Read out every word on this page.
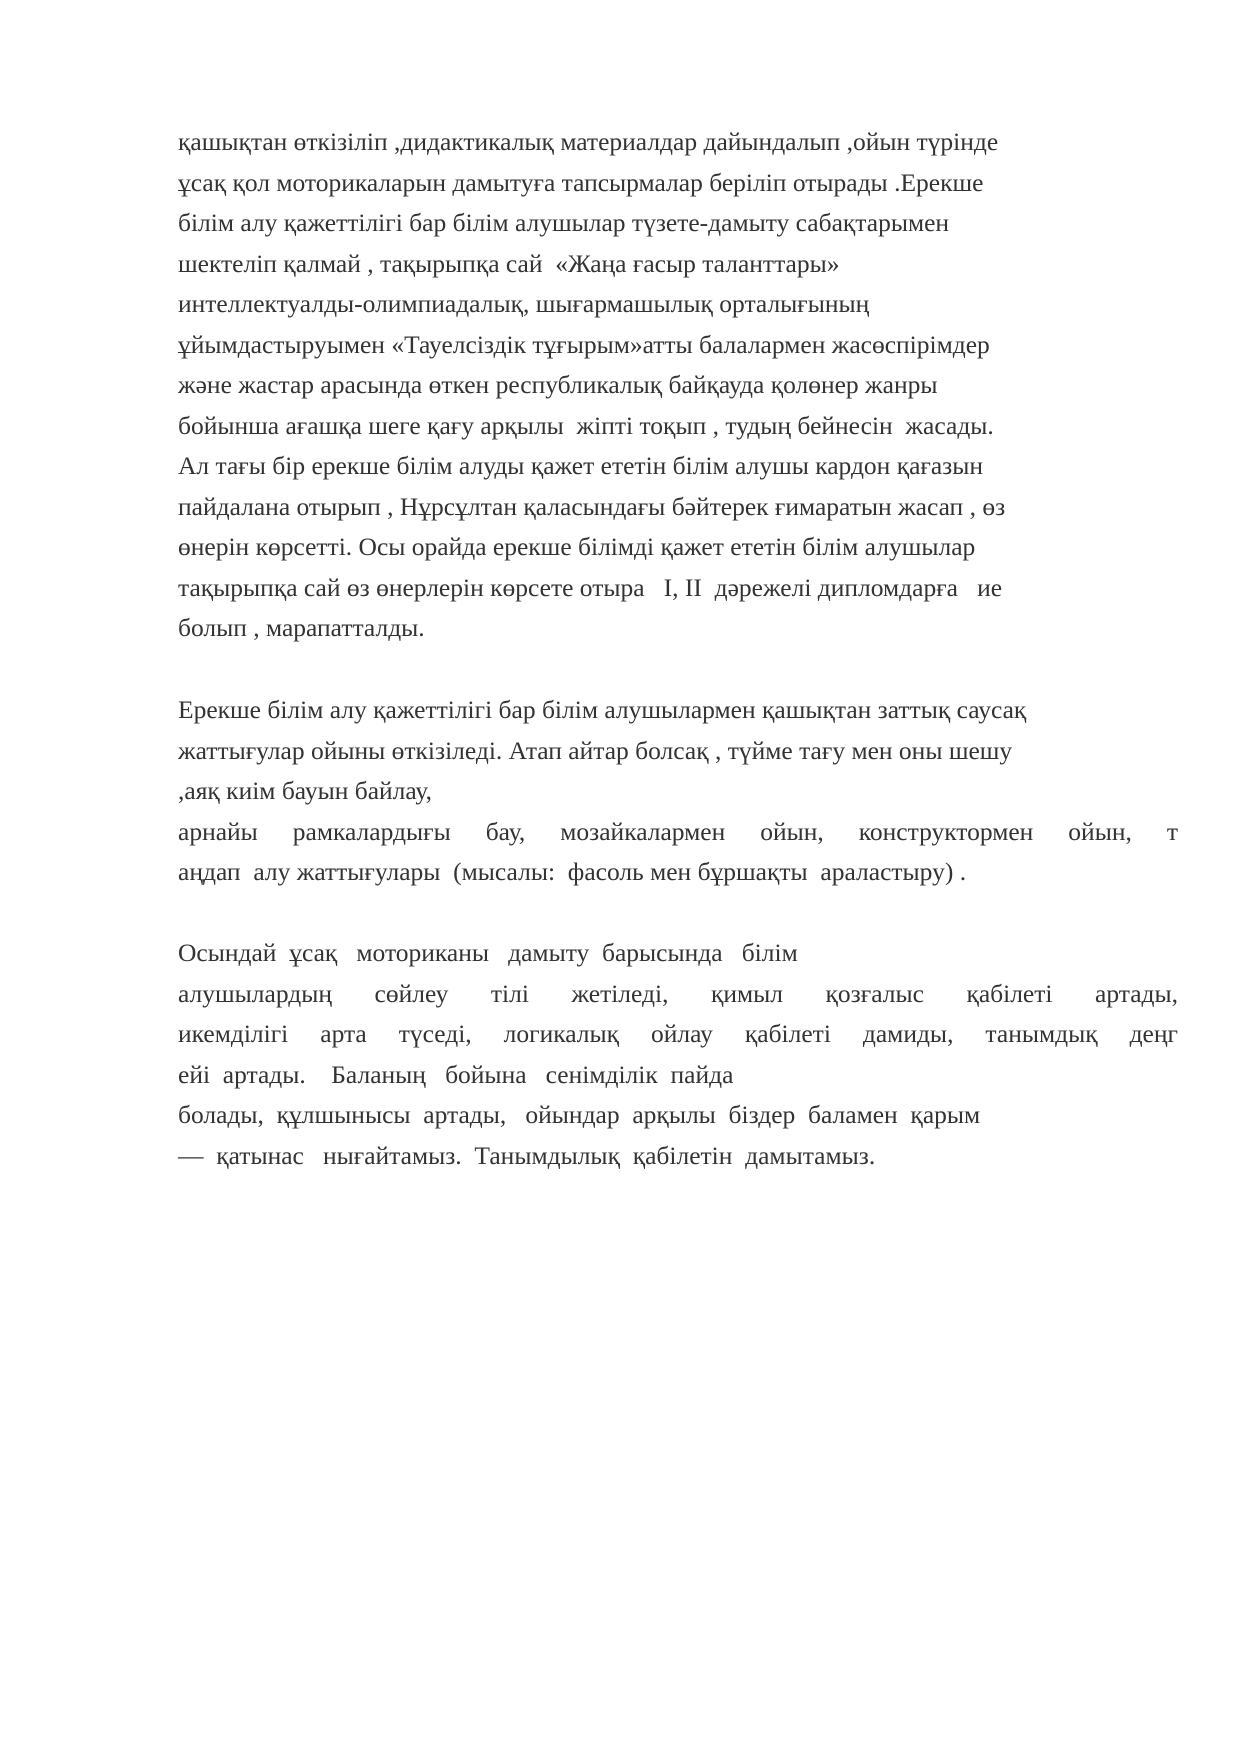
қашықтан өткізіліп ,дидактикалық материалдар дайындалып ,ойын түрінде
ұсақ қол моторикаларын дамытуға тапсырмалар беріліп отырады .Ерекше
білім алу қажеттілігі бар білім алушылар түзете-дамыту сабақтарымен
шектеліп қалмай , тақырыпқа сай  «Жаңа ғасыр таланттары»
интеллектуалды-олимпиадалық, шығармашылық орталығының
ұйымдастыруымен «Тауелсіздік тұғырым»атты балалармен жасөспірімдер
және жастар арасында өткен республикалық байқауда қолөнер жанры
бойынша ағашқа шеге қағу арқылы  жіпті тоқып , тудың бейнесін  жасады.
Ал тағы бір ерекше білім алуды қажет ететін білім алушы кардон қағазын
пайдалана отырып , Нұрсұлтан қаласындағы бәйтерек ғимаратын жасап , өз
өнерін көрсетті. Осы орайда ерекше білімді қажет ететін білім алушылар
тақырыпқа сай өз өнерлерін көрсете отыра   I, II  дәрежелі дипломдарға   ие
болып , марапатталды.
Ерекше білім алу қажеттілігі бар білім алушылармен қашықтан заттық саусақ
жаттығулар ойыны өткізіледі. Атап айтар болсақ , түйме тағу мен оны шешу
,аяқ киім бауын байлау,
арнайы рамкалардығы бау, мозайкалармен ойын, конструктормен ойын, т
аңдап  алу жаттығулары  (мысалы:  фасоль мен бұршақты  араластыру) .
Осындай  ұсақ   моториканы   дамыту  барысында   білім
алушылардың сөйлеу тілі жетіледі, қимыл қозғалыс қабілеті артады,
икемділігі арта түседі, логикалық ойлау қабілеті дамиды, танымдық деңг
ейі  артады.    Баланың   бойына   сенімділік  пайда
болады,  құлшынысы  артады,   ойындар  арқылы  біздер  баламен  қарым
—  қатынас   нығайтамыз.  Танымдылық  қабілетін  дамытамыз.
